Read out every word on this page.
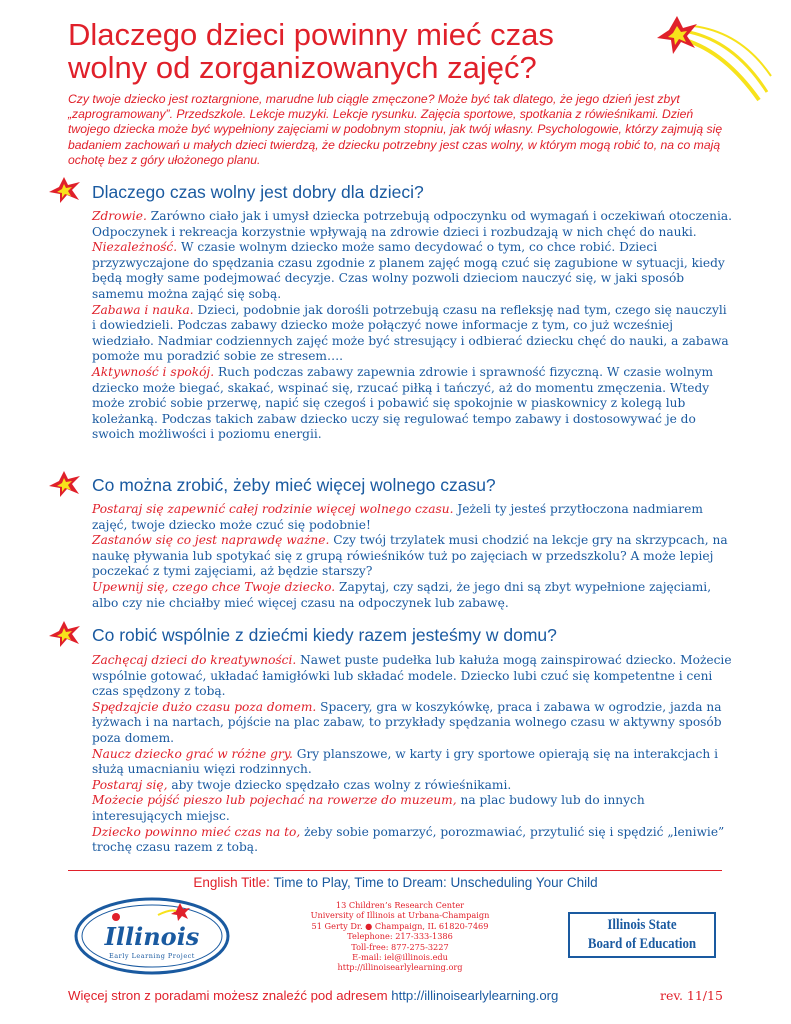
Dlaczego dzieci powinny mieć czas
wolny od zorganizowanych zajęć?

Czy twoje dziecko jest roztargnione, marudne lub ciągle zmęczone? Może być tak dlatego, że jego dzień jest zbyt „zaprogramowany”. Przedszkole. Lekcje muzyki. Lekcje rysunku. Zajęcia sportowe, spotkania z rówieśnikami. Dzień twojego dziecka może być wypełniony zajęciami w podobnym stopniu, jak twój własny. Psychologowie, którzy zajmują się badaniem zachowań u małych dzieci twierdzą, że dziecku potrzebny jest czas wolny, w którym mogą robić to, na co mają ochotę bez z góry ułożonego planu.

Dlaczego czas wolny jest dobry dla dzieci?

Zdrowie. Zarówno ciało jak i umysł dziecka potrzebują odpoczynku od wymagań i oczekiwań otoczenia. Odpoczynek i rekreacja korzystnie wpływają na zdrowie dzieci i rozbudzają w nich chęć do nauki.

Niezależność. W czasie wolnym dziecko może samo decydować o tym, co chce robić. Dzieci przyzwyczajone do spędzania czasu zgodnie z planem zajęć mogą czuć się zagubione w sytuacji, kiedy będą mogły same podejmować decyzje. Czas wolny pozwoli dzieciom nauczyć się, w jaki sposób samemu można zająć się sobą.

Zabawa i nauka. Dzieci, podobnie jak dorośli potrzebują czasu na refleksję nad tym, czego się nauczyli i dowiedzieli. Podczas zabawy dziecko może połączyć nowe informacje z tym, co już wcześniej wiedziało. Nadmiar codziennych zajęć może być stresujący i odbierać dziecku chęć do nauki, a zabawa pomoże mu poradzić sobie ze stresem….

Aktywność i spokój. Ruch podczas zabawy zapewnia zdrowie i sprawność fizyczną. W czasie wolnym dziecko może biegać, skakać, wspinać się, rzucać piłką i tańczyć, aż do momentu zmęczenia. Wtedy może zrobić sobie przerwę, napić się czegoś i pobawić się spokojnie w piaskownicy z kolegą lub koleżanką. Podczas takich zabaw dziecko uczy się regulować tempo zabawy i dostosowywać je do swoich możliwości i poziomu energii.

Co można zrobić, żeby mieć więcej wolnego czasu?

Postaraj się zapewnić całej rodzinie więcej wolnego czasu. Jeżeli ty jesteś przytłoczona nadmiarem zajęć, twoje dziecko może czuć się podobnie!

Zastanów się co jest naprawdę ważne. Czy twój trzylatek musi chodzić na lekcje gry na skrzypcach, na naukę pływania lub spotykać się z grupą rówieśników tuż po zajęciach w przedszkolu? A może lepiej poczekać z tymi zajęciami, aż będzie starszy?

Upewnij się, czego chce Twoje dziecko. Zapytaj, czy sądzi, że jego dni są zbyt wypełnione zajęciami, albo czy nie chciałby mieć więcej czasu na odpoczynek lub zabawę.

Co robić wspólnie z dziećmi kiedy razem jesteśmy w domu?

Zachęcaj dzieci do kreatywności. Nawet puste pudełka lub kałuża mogą zainspirować dziecko. Możecie wspólnie gotować, układać łamigłówki lub składać modele. Dziecko lubi czuć się kompetentne i ceni czas spędzony z tobą.

Spędzajcie dużo czasu poza domem. Spacery, gra w koszykówkę, praca i zabawa w ogrodzie, jazda na łyżwach i na nartach, pójście na plac zabaw, to przykłady spędzania wolnego czasu w aktywny sposób poza domem.

Naucz dziecko grać w różne gry. Gry planszowe, w karty i gry sportowe opierają się na interakcjach i służą umacnianiu więzi rodzinnych.

Postaraj się, aby twoje dziecko spędzało czas wolny z rówieśnikami.

Możecie pójść pieszo lub pojechać na rowerze do muzeum, na plac budowy lub do innych interesujących miejsc.

Dziecko powinno mieć czas na to, żeby sobie pomarzyć, porozmawiać, przytulić się i spędzić „leniwie” trochę czasu razem z tobą.

English Title: Time to Play, Time to Dream: Unscheduling Your Child
Illinois
Early Learning Project
13 Children’s Research Center
University of Illinois at Urbana-Champaign
51 Gerty Dr. ● Champaign, IL 61820-7469
Telephone: 217-333-1386
Toll-free: 877-275-3227
E-mail: iel@illinois.edu
http://illinoisearlylearning.org
Illinois State
Board of Education
Więcej stron z poradami możesz znaleźć pod adresem http://illinoisearlylearning.org	rev. 11/15
